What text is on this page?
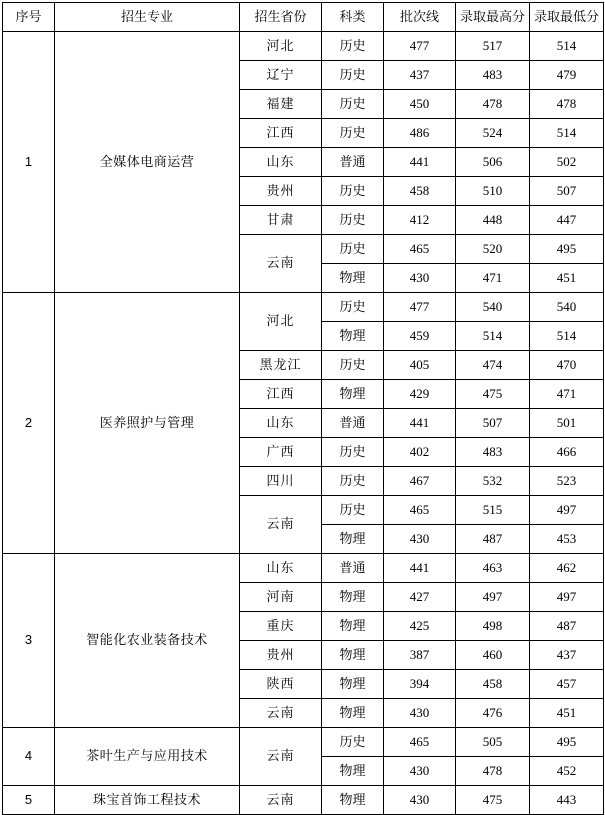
序号	招生专业	招生省份	科类	批次线	录取最高分	录取最低分
1	全媒体电商运营	河北	历史	477	517	514
		辽宁	历史	437	483	479
		福建	历史	450	478	478
		江西	历史	486	524	514
		山东	普通	441	506	502
		贵州	历史	458	510	507
		甘肃	历史	412	448	447
		云南	历史	465	520	495
			物理	430	471	451
2	医养照护与管理	河北	历史	477	540	540
			物理	459	514	514
		黑龙江	历史	405	474	470
		江西	物理	429	475	471
		山东	普通	441	507	501
		广西	历史	402	483	466
		四川	历史	467	532	523
		云南	历史	465	515	497
			物理	430	487	453
3	智能化农业装备技术	山东	普通	441	463	462
		河南	物理	427	497	497
		重庆	物理	425	498	487
		贵州	物理	387	460	437
		陕西	物理	394	458	457
		云南	物理	430	476	451
4	茶叶生产与应用技术	云南	历史	465	505	495
			物理	430	478	452
5	珠宝首饰工程技术	云南	物理	430	475	443
